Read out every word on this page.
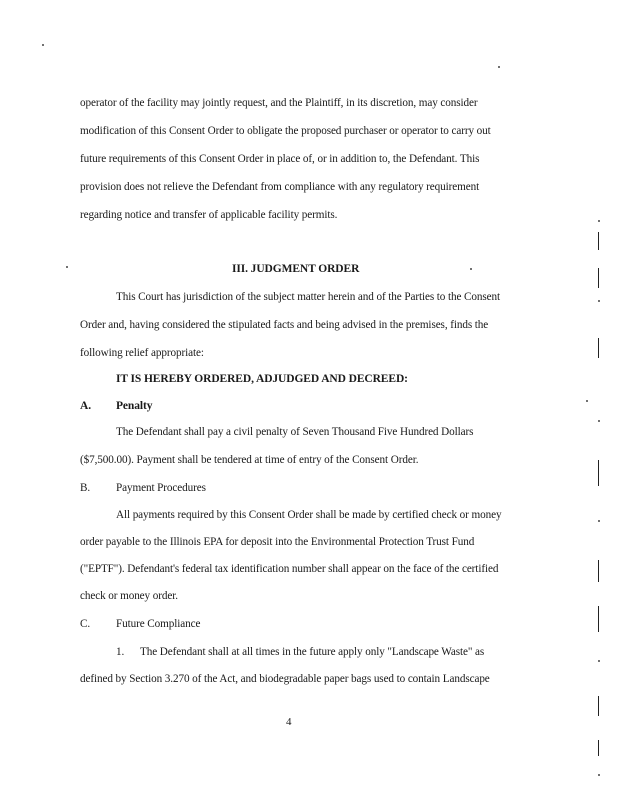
operator of the facility may jointly request, and the Plaintiff, in its discretion, may consider
modification of this Consent Order to obligate the proposed purchaser or operator to carry out
future requirements of this Consent Order in place of, or in addition to, the Defendant. This
provision does not relieve the Defendant from compliance with any regulatory requirement
regarding notice and transfer of applicable facility permits.
III. JUDGMENT ORDER
This Court has jurisdiction of the subject matter herein and of the Parties to the Consent
Order and, having considered the stipulated facts and being advised in the premises, finds the
following relief appropriate:
IT IS HEREBY ORDERED, ADJUDGED AND DECREED:
A. Penalty
The Defendant shall pay a civil penalty of Seven Thousand Five Hundred Dollars
($7,500.00). Payment shall be tendered at time of entry of the Consent Order.
B. Payment Procedures
All payments required by this Consent Order shall be made by certified check or money
order payable to the Illinois EPA for deposit into the Environmental Protection Trust Fund
("EPTF"). Defendant's federal tax identification number shall appear on the face of the certified
check or money order.
C. Future Compliance
1. The Defendant shall at all times in the future apply only "Landscape Waste" as
defined by Section 3.270 of the Act, and biodegradable paper bags used to contain Landscape
4
